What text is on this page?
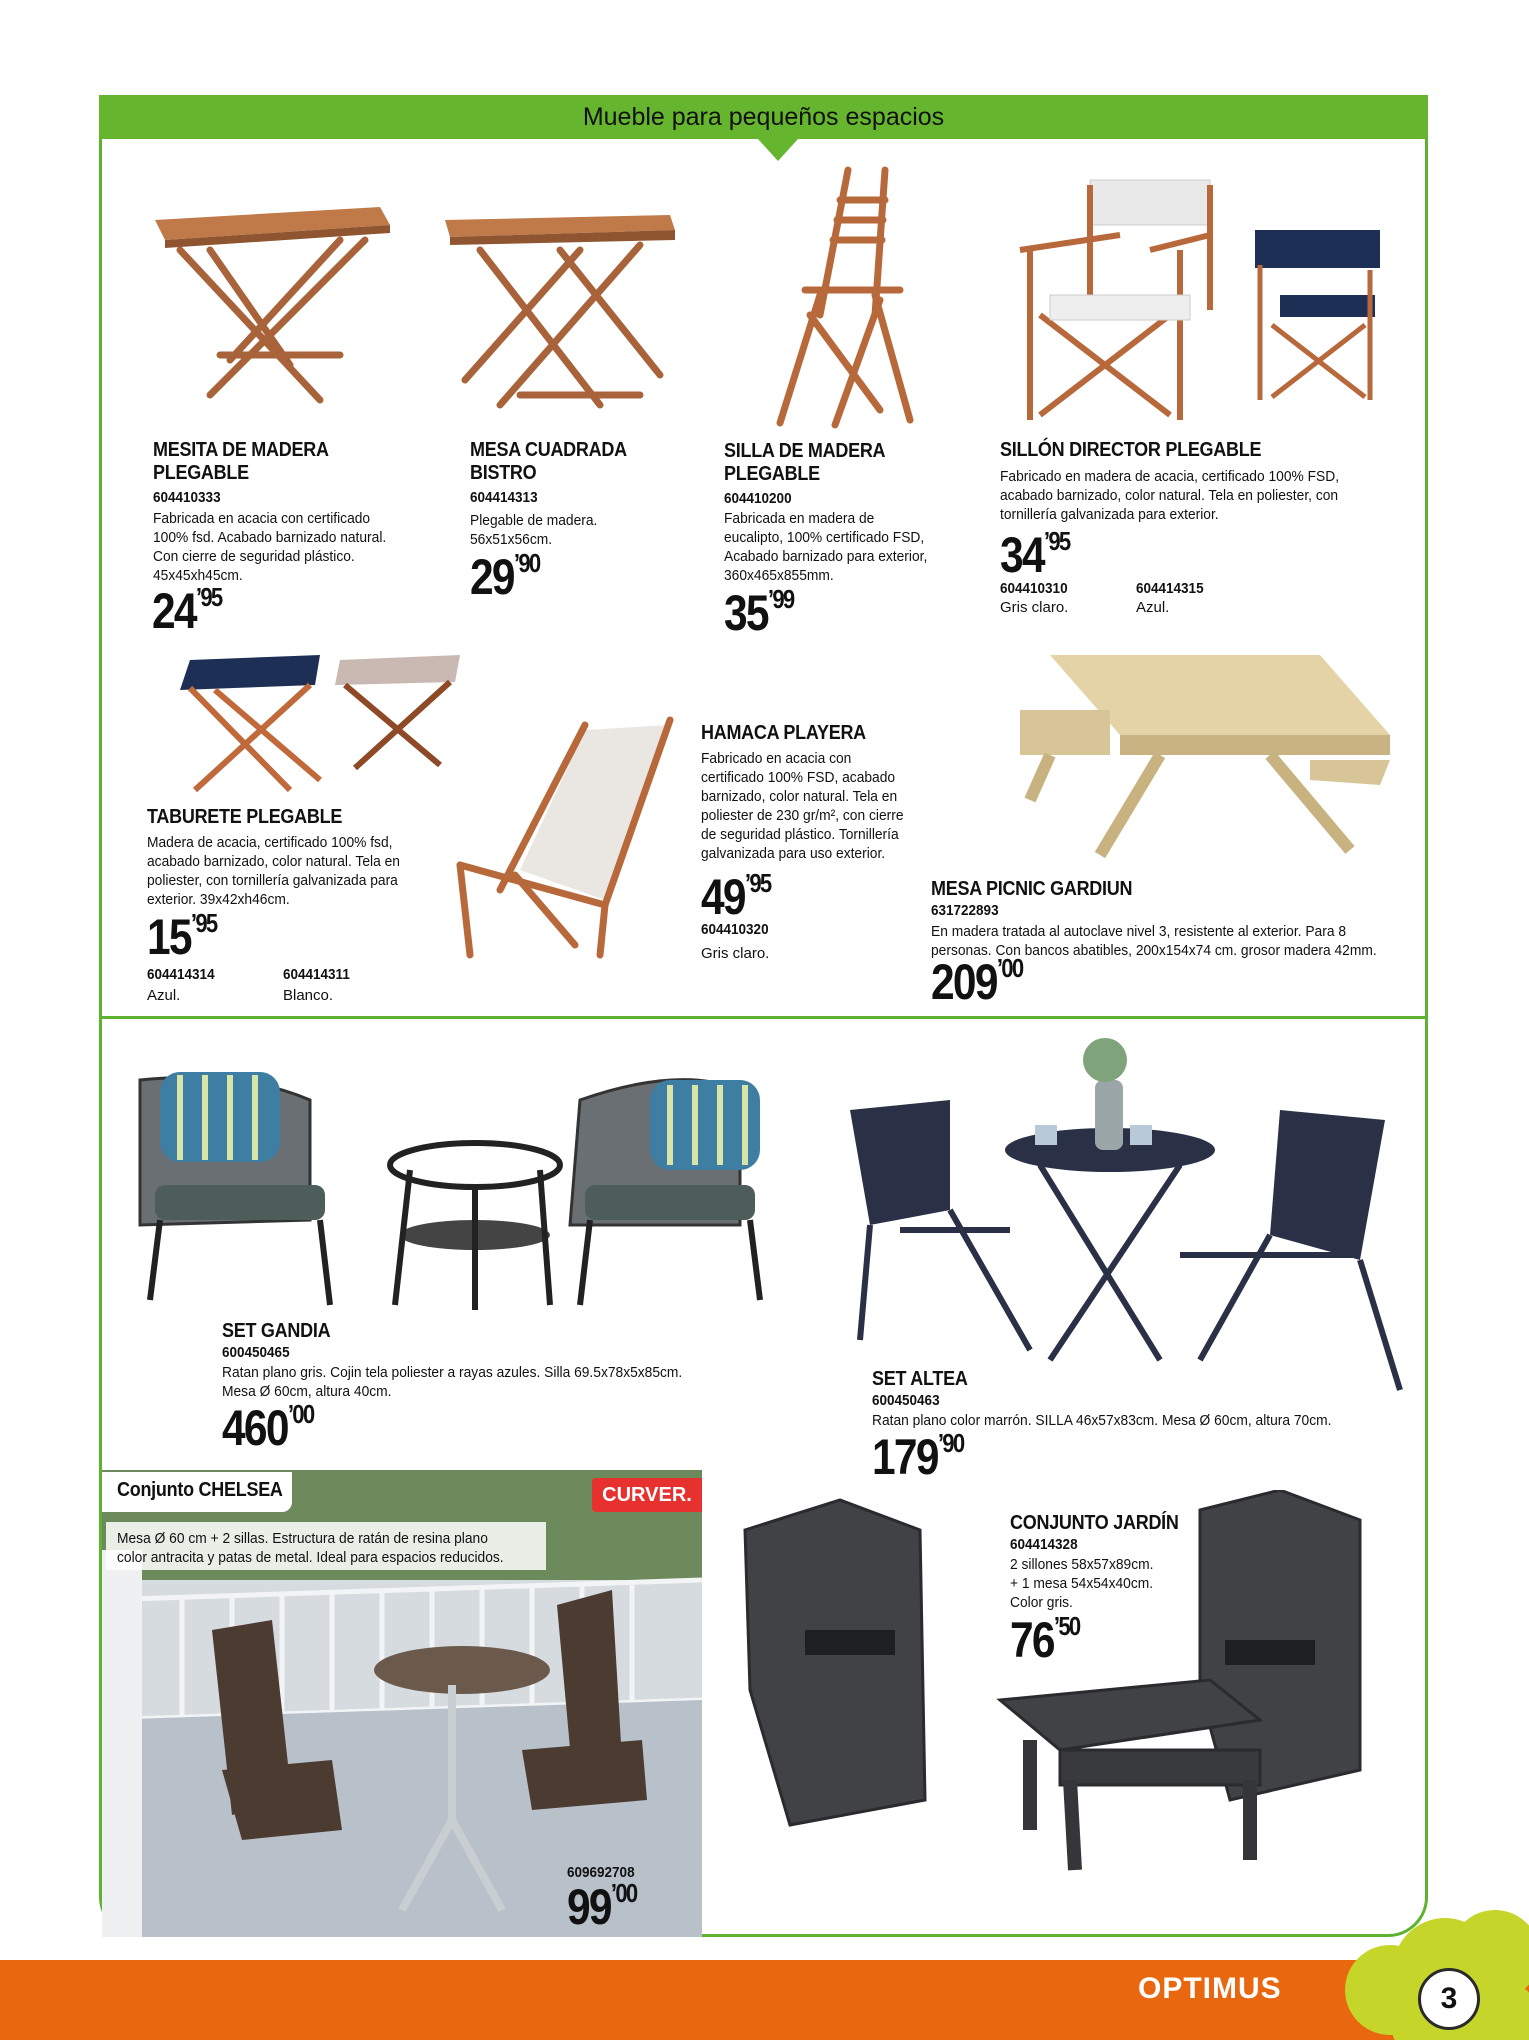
Mueble para pequeños espacios
CURVER.
MESITA DE MADERA
PLEGABLE
604410333
Fabricada en acacia con certificado
100% fsd. Acabado barnizado natural.
Con cierre de seguridad plástico.
45x45xh45cm.
24’95
MESA CUADRADA
BISTRO
604414313
Plegable de madera.
56x51x56cm.
29’90
SILLA DE MADERA
PLEGABLE
604410200
Fabricada en madera de
eucalipto, 100% certificado FSD,
Acabado barnizado para exterior,
360x465x855mm.
35’99
SILLÓN DIRECTOR PLEGABLE
Fabricado en madera de acacia, certificado 100% FSD,
acabado barnizado, color natural. Tela en poliester, con
tornillería galvanizada para exterior.
34’95
604410310
Gris claro.
604414315
Azul.
TABURETE PLEGABLE
Madera de acacia, certificado 100% fsd,
acabado barnizado, color natural. Tela en
poliester, con tornillería galvanizada para
exterior. 39x42xh46cm.
15’95
604414314
Azul.
604414311
Blanco.
HAMACA PLAYERA
Fabricado en acacia con
certificado 100% FSD, acabado
barnizado, color natural. Tela en
poliester de 230 gr/m², con cierre
de seguridad plástico. Tornillería
galvanizada para uso exterior.
49’95
604410320
Gris claro.
MESA PICNIC GARDIUN
631722893
En madera tratada al autoclave nivel 3, resistente al exterior. Para 8
personas. Con bancos abatibles, 200x154x74 cm. grosor madera 42mm.
209’00
SET GANDIA
600450465
Ratan plano gris. Cojin tela poliester a rayas azules. Silla 69.5x78x5x85cm.
Mesa Ø 60cm, altura 40cm.
460’00
SET ALTEA
600450463
Ratan plano color marrón. SILLA 46x57x83cm. Mesa Ø 60cm, altura 70cm.
179’90
Conjunto CHELSEA
Mesa Ø 60 cm + 2 sillas. Estructura de ratán de resina plano
color antracita y patas de metal. Ideal para espacios reducidos.
609692708
99’00
CONJUNTO JARDÍN
604414328
2 sillones 58x57x89cm.
+ 1 mesa 54x54x40cm.
Color gris.
76’50
OPTIMUS	3
